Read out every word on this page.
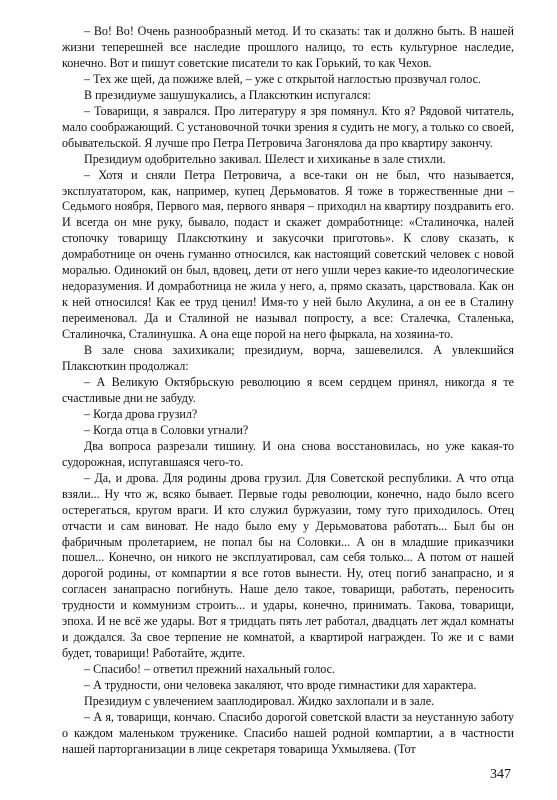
– Во! Во! Очень разнообразный метод. И то сказать: так и должно быть. В нашей жизни теперешней все наследие прошлого налицо, то есть культурное наследие, конечно. Вот и пишут советские писатели то как Горький, то как Чехов.

– Тех же щей, да пожиже влей, – уже с открытой наглостью прозвучал голос.

В президиуме зашушукались, а Плаксюткин испугался:

– Товарищи, я заврался. Про литературу я зря помянул. Кто я? Рядовой читатель, мало соображающий. С установочной точки зрения я судить не могу, а только со своей, обывательской. Я лучше про Петра Петровича Загонялова да про квартиру закончу.

Президиум одобрительно закивал. Шелест и хихиканье в зале стихли.

– Хотя и сняли Петра Петровича, а все-таки он не был, что называется, эксплуататором, как, например, купец Дерьмоватов. Я тоже в торжественные дни – Седьмого ноября, Первого мая, первого января – приходил на квартиру поздравить его. И всегда он мне руку, бывало, подаст и скажет домработнице: «Сталиночка, налей стопочку товарищу Плаксюткину и закусочки приготовь». К слову сказать, к домработнице он очень гуманно относился, как настоящий советский человек с новой моралью. Одинокий он был, вдовец, дети от него ушли через какие-то идеологические недоразумения. И домработница не жила у него, а, прямо сказать, царствовала. Как он к ней относился! Как ее труд ценил! Имя-то у ней было Акулина, а он ее в Сталину переименовал. Да и Сталиной не называл попросту, а все: Сталечка, Сталенька, Сталиночка, Сталинушка. А она еще порой на него фыркала, на хозяина-то.

В зале снова захихикали; президиум, ворча, зашевелился. А увлекшийся Плаксюткин продолжал:

– А Великую Октябрьскую революцию я всем сердцем принял, никогда я те счастливые дни не забуду.

– Когда дрова грузил?

– Когда отца в Соловки угнали?

Два вопроса разрезали тишину. И она снова восстановилась, но уже какая-то судорожная, испугавшаяся чего-то.

– Да, и дрова. Для родины дрова грузил. Для Советской республики. А что отца взяли... Ну что ж, всяко бывает. Первые годы революции, конечно, надо было всего остерегаться, кругом враги. И кто служил буржуазии, тому туго приходилось. Отец отчасти и сам виноват. Не надо было ему у Дерьмоватова работать... Был бы он фабричным пролетарием, не попал бы на Соловки... А он в младшие приказчики пошел... Конечно, он никого не эксплуатировал, сам себя только... А потом от нашей дорогой родины, от компартии я все готов вынести. Ну, отец погиб занапрасно, и я согласен занапрасно погибнуть. Наше дело такое, товарищи, работать, переносить трудности и коммунизм строить... и удары, конечно, принимать. Такова, товарищи, эпоха. И не всё же удары. Вот я тридцать пять лет работал, двадцать лет ждал комнаты и дождался. За свое терпение не комнатой, а квартирой награжден. То же и с вами будет, товарищи! Работайте, ждите.

– Спасибо! – ответил прежний нахальный голос.

– А трудности, они человека закаляют, что вроде гимнастики для характера.

Президиум с увлечением зааплодировал. Жидко захлопали и в зале.

– А я, товарищи, кончаю. Спасибо дорогой советской власти за неустанную заботу о каждом маленьком труженике. Спасибо нашей родной компартии, а в частности нашей парторганизации в лице секретаря товарища Ухмыляева. (Тот

347
